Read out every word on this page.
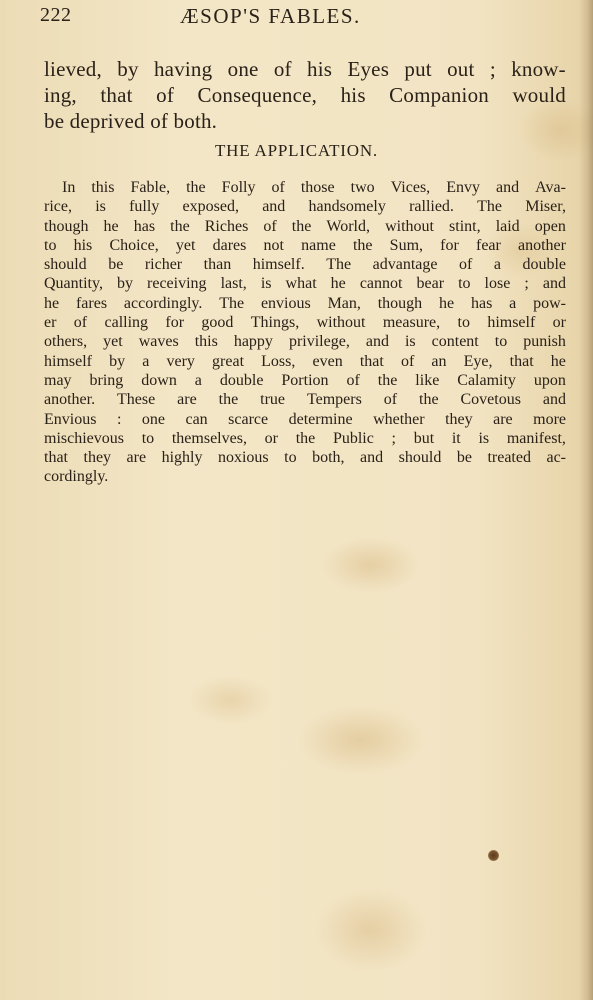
222	ÆSOP'S FABLES.
lieved, by having one of his Eyes put out ; know-
ing, that of Consequence, his Companion would
be deprived of both.
THE APPLICATION.
In this Fable, the Folly of those two Vices, Envy and Ava-
rice, is fully exposed, and handsomely rallied. The Miser,
though he has the Riches of the World, without stint, laid open
to his Choice, yet dares not name the Sum, for fear another
should be richer than himself. The advantage of a double
Quantity, by receiving last, is what he cannot bear to lose ; and
he fares accordingly. The envious Man, though he has a pow-
er of calling for good Things, without measure, to himself or
others, yet waves this happy privilege, and is content to punish
himself by a very great Loss, even that of an Eye, that he
may bring down a double Portion of the like Calamity upon
another. These are the true Tempers of the Covetous and
Envious : one can scarce determine whether they are more
mischievous to themselves, or the Public ; but it is manifest,
that they are highly noxious to both, and should be treated ac-
cordingly.
